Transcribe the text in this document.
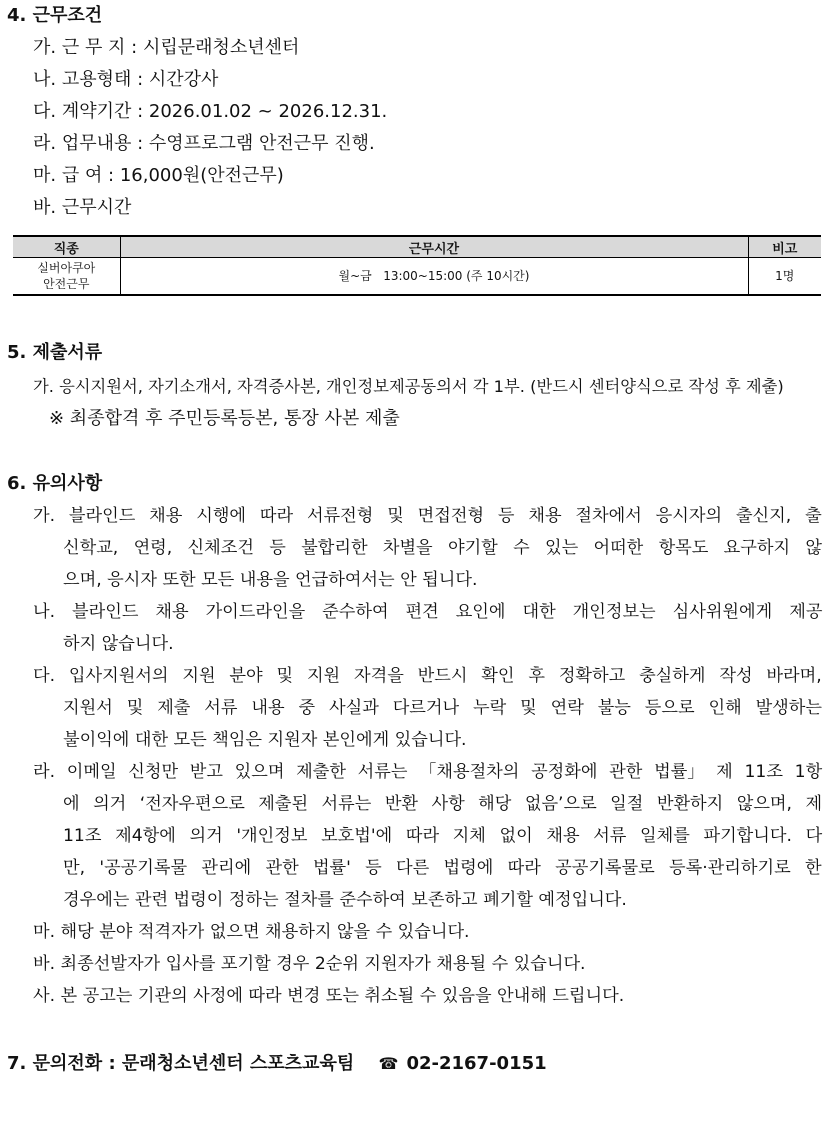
4. 근무조건
가. 근 무 지 : 시립문래청소년센터
나. 고용형태 : 시간강사
다. 계약기간 : 2026.01.02 ~ 2026.12.31.
라. 업무내용 : 수영프로그램 안전근무 진행.
마. 급 여 : 16,000원(안전근무)
바. 근무시간
직종	근무시간	비고

실버아쿠아
안전근무	월~금   13:00~15:00 (주 10시간)	1명
5. 제출서류
가. 응시지원서, 자기소개서, 자격증사본, 개인정보제공동의서 각 1부. (반드시 센터양식으로 작성 후 제출)
※ 최종합격 후 주민등록등본, 통장 사본 제출
6. 유의사항
가. 블라인드 채용 시행에 따라 서류전형 및 면접전형 등 채용 절차에서 응시자의 출신지, 출
신학교, 연령, 신체조건 등 불합리한 차별을 야기할 수 있는 어떠한 항목도 요구하지 않
으며, 응시자 또한 모든 내용을 언급하여서는 안 됩니다.
나. 블라인드 채용 가이드라인을 준수하여 편견 요인에 대한 개인정보는 심사위원에게 제공
하지 않습니다.
다. 입사지원서의 지원 분야 및 지원 자격을 반드시 확인 후 정확하고 충실하게 작성 바라며,
지원서 및 제출 서류 내용 중 사실과 다르거나 누락 및 연락 불능 등으로 인해 발생하는
불이익에 대한 모든 책임은 지원자 본인에게 있습니다.
라. 이메일 신청만 받고 있으며 제출한 서류는 「채용절차의 공정화에 관한 법률」 제 11조 1항
에 의거 ‘전자우편으로 제출된 서류는 반환 사항 해당 없음’으로 일절 반환하지 않으며, 제
11조 제4항에 의거 '개인정보 보호법'에 따라 지체 없이 채용 서류 일체를 파기합니다. 다
만, '공공기록물 관리에 관한 법률' 등 다른 법령에 따라 공공기록물로 등록·관리하기로 한
경우에는 관련 법령이 정하는 절차를 준수하여 보존하고 폐기할 예정입니다.
마. 해당 분야 적격자가 없으면 채용하지 않을 수 있습니다.
바. 최종선발자가 입사를 포기할 경우 2순위 지원자가 채용될 수 있습니다.
사. 본 공고는 기관의 사정에 따라 변경 또는 취소될 수 있음을 안내해 드립니다.
7. 문의전화 : 문래청소년센터 스포츠교육팀 ☎ 02-2167-0151
